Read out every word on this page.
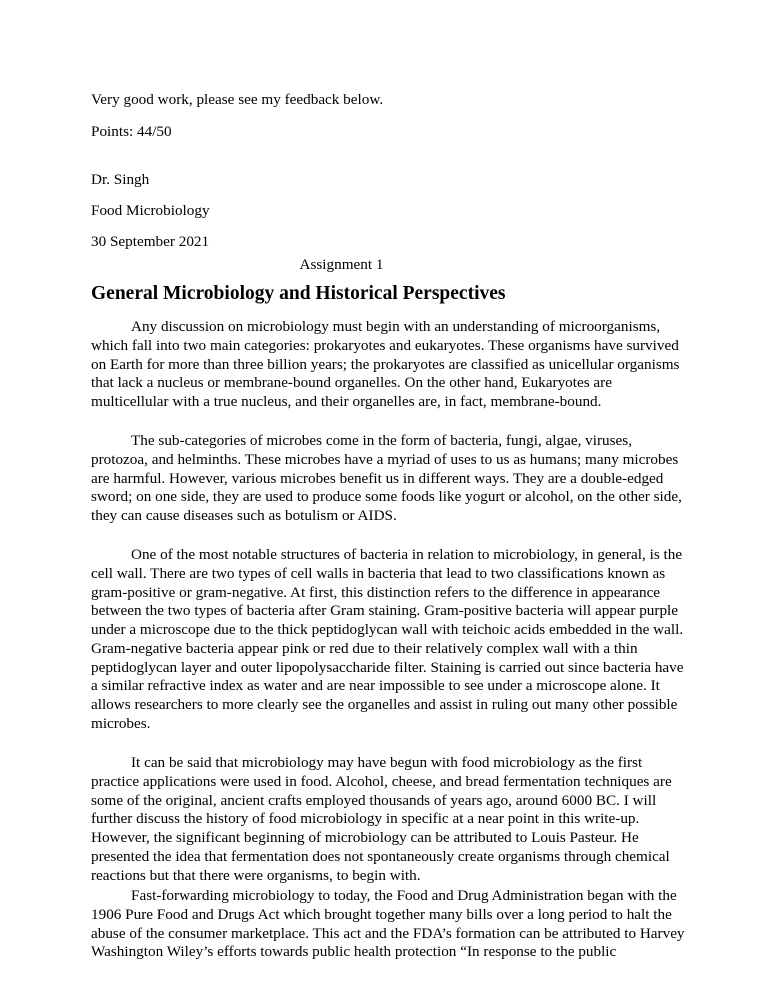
Very good work, please see my feedback below.
Points: 44/50
Dr. Singh
Food Microbiology
30 September 2021
Assignment 1
General Microbiology and Historical Perspectives

Any discussion on microbiology must begin with an understanding of microorganisms, which fall into two main categories: prokaryotes and eukaryotes. These organisms have survived on Earth for more than three billion years; the prokaryotes are classified as unicellular organisms that lack a nucleus or membrane-bound organelles. On the other hand, Eukaryotes are multicellular with a true nucleus, and their organelles are, in fact, membrane-bound.

The sub-categories of microbes come in the form of bacteria, fungi, algae, viruses, protozoa, and helminths. These microbes have a myriad of uses to us as humans; many microbes are harmful. However, various microbes benefit us in different ways. They are a double-edged sword; on one side, they are used to produce some foods like yogurt or alcohol, on the other side, they can cause diseases such as botulism or AIDS.

One of the most notable structures of bacteria in relation to microbiology, in general, is the cell wall. There are two types of cell walls in bacteria that lead to two classifications known as gram-positive or gram-negative. At first, this distinction refers to the difference in appearance between the two types of bacteria after Gram staining. Gram-positive bacteria will appear purple under a microscope due to the thick peptidoglycan wall with teichoic acids embedded in the wall. Gram-negative bacteria appear pink or red due to their relatively complex wall with a thin peptidoglycan layer and outer lipopolysaccharide filter. Staining is carried out since bacteria have a similar refractive index as water and are near impossible to see under a microscope alone. It allows researchers to more clearly see the organelles and assist in ruling out many other possible microbes.

It can be said that microbiology may have begun with food microbiology as the first practice applications were used in food. Alcohol, cheese, and bread fermentation techniques are some of the original, ancient crafts employed thousands of years ago, around 6000 BC. I will further discuss the history of food microbiology in specific at a near point in this write-up. However, the significant beginning of microbiology can be attributed to Louis Pasteur. He presented the idea that fermentation does not spontaneously create organisms through chemical reactions but that there were organisms, to begin with.

Fast-forwarding microbiology to today, the Food and Drug Administration began with the 1906 Pure Food and Drugs Act which brought together many bills over a long period to halt the abuse of the consumer marketplace. This act and the FDA’s formation can be attributed to Harvey Washington Wiley’s efforts towards public health protection “In response to the public
